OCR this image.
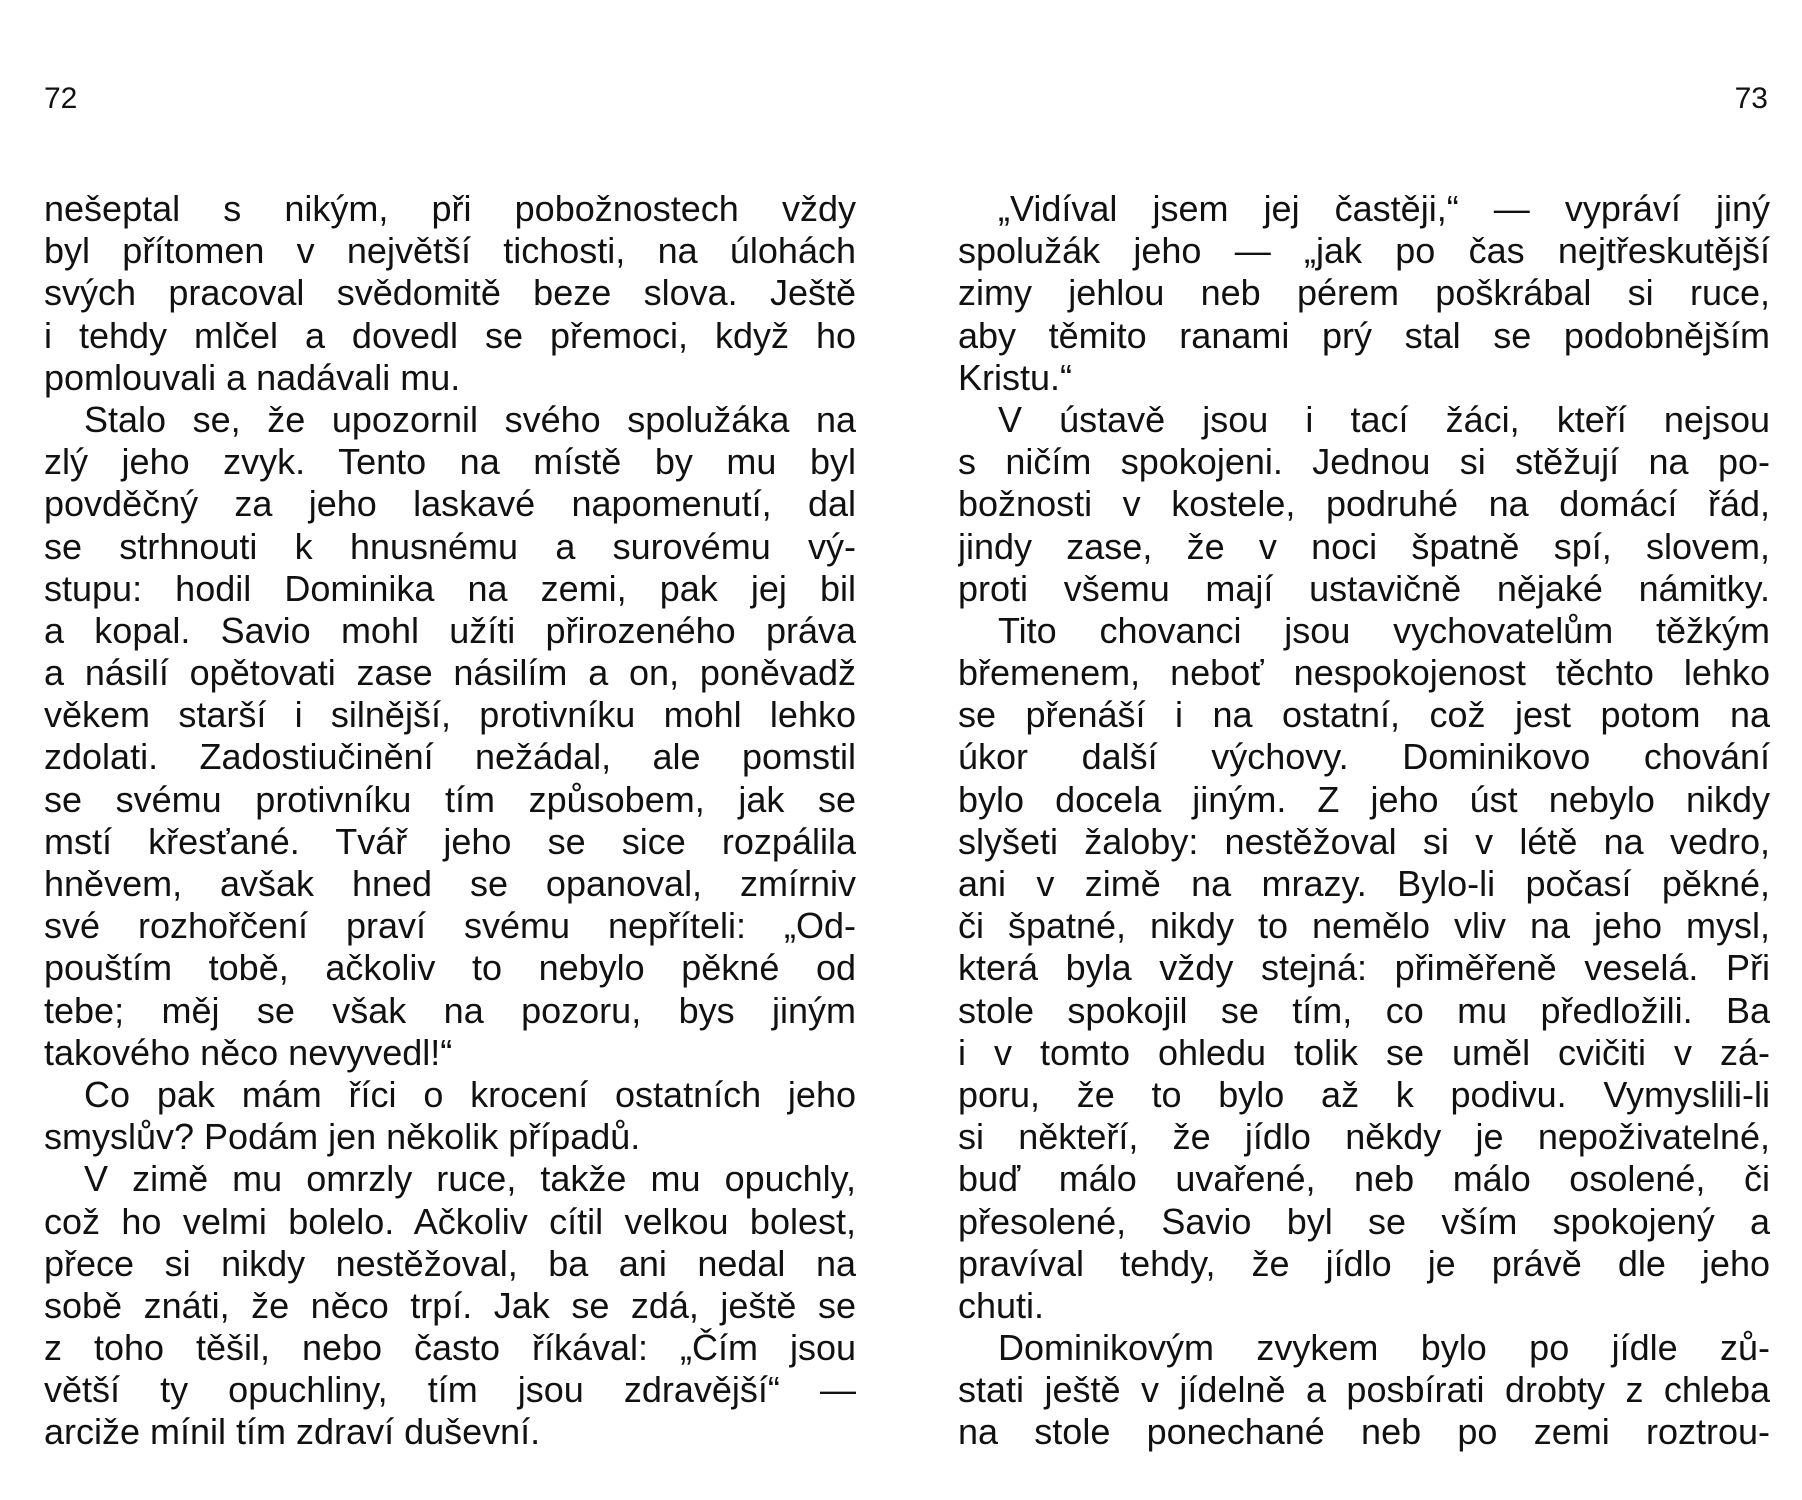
72	73
nešeptal s nikým, při pobožnostech vždy
byl přítomen v největší tichosti, na úlohách
svých pracoval svědomitě beze slova. Ještě
i tehdy mlčel a dovedl se přemoci, když ho
pomlouvali a nadávali mu.
Stalo se, že upozornil svého spolužáka na
zlý jeho zvyk. Tento na místě by mu byl
povděčný za jeho laskavé napomenutí, dal
se strhnouti k hnusnému a surovému vý-
stupu: hodil Dominika na zemi, pak jej bil
a kopal. Savio mohl užíti přirozeného práva
a násilí opětovati zase násilím a on, poněvadž
věkem starší i silnější, protivníku mohl lehko
zdolati. Zadostiučinění nežádal, ale pomstil
se svému protivníku tím způsobem, jak se
mstí křesťané. Tvář jeho se sice rozpálila
hněvem, avšak hned se opanoval, zmírniv
své rozhořčení praví svému nepříteli: „Od-
pouštím tobě, ačkoliv to nebylo pěkné od
tebe; měj se však na pozoru, bys jiným
takového něco nevyvedl!“
Co pak mám říci o krocení ostatních jeho
smyslův? Podám jen několik případů.
V zimě mu omrzly ruce, takže mu opuchly,
což ho velmi bolelo. Ačkoliv cítil velkou bolest,
přece si nikdy nestěžoval, ba ani nedal na
sobě znáti, že něco trpí. Jak se zdá, ještě se
z toho těšil, nebo často říkával: „Čím jsou
větší ty opuchliny, tím jsou zdravější“ —
arciže mínil tím zdraví duševní.
„Vidíval jsem jej častěji,“ — vypráví jiný
spolužák jeho — „jak po čas nejtřeskutější
zimy jehlou neb pérem poškrábal si ruce,
aby těmito ranami prý stal se podobnějším
Kristu.“
V ústavě jsou i tací žáci, kteří nejsou
s ničím spokojeni. Jednou si stěžují na po-
božnosti v kostele, podruhé na domácí řád,
jindy zase, že v noci špatně spí, slovem,
proti všemu mají ustavičně nějaké námitky.
Tito chovanci jsou vychovatelům těžkým
břemenem, neboť nespokojenost těchto lehko
se přenáší i na ostatní, což jest potom na
úkor další výchovy. Dominikovo chování
bylo docela jiným. Z jeho úst nebylo nikdy
slyšeti žaloby: nestěžoval si v létě na vedro,
ani v zimě na mrazy. Bylo-li počasí pěkné,
či špatné, nikdy to nemělo vliv na jeho mysl,
která byla vždy stejná: přiměřeně veselá. Při
stole spokojil se tím, co mu předložili. Ba
i v tomto ohledu tolik se uměl cvičiti v zá-
poru, že to bylo až k podivu. Vymyslili-li
si někteří, že jídlo někdy je nepoživatelné,
buď málo uvařené, neb málo osolené, či
přesolené, Savio byl se vším spokojený a
pravíval tehdy, že jídlo je právě dle jeho
chuti.
Dominikovým zvykem bylo po jídle zů-
stati ještě v jídelně a posbírati drobty z chleba
na stole ponechané neb po zemi roztrou-
